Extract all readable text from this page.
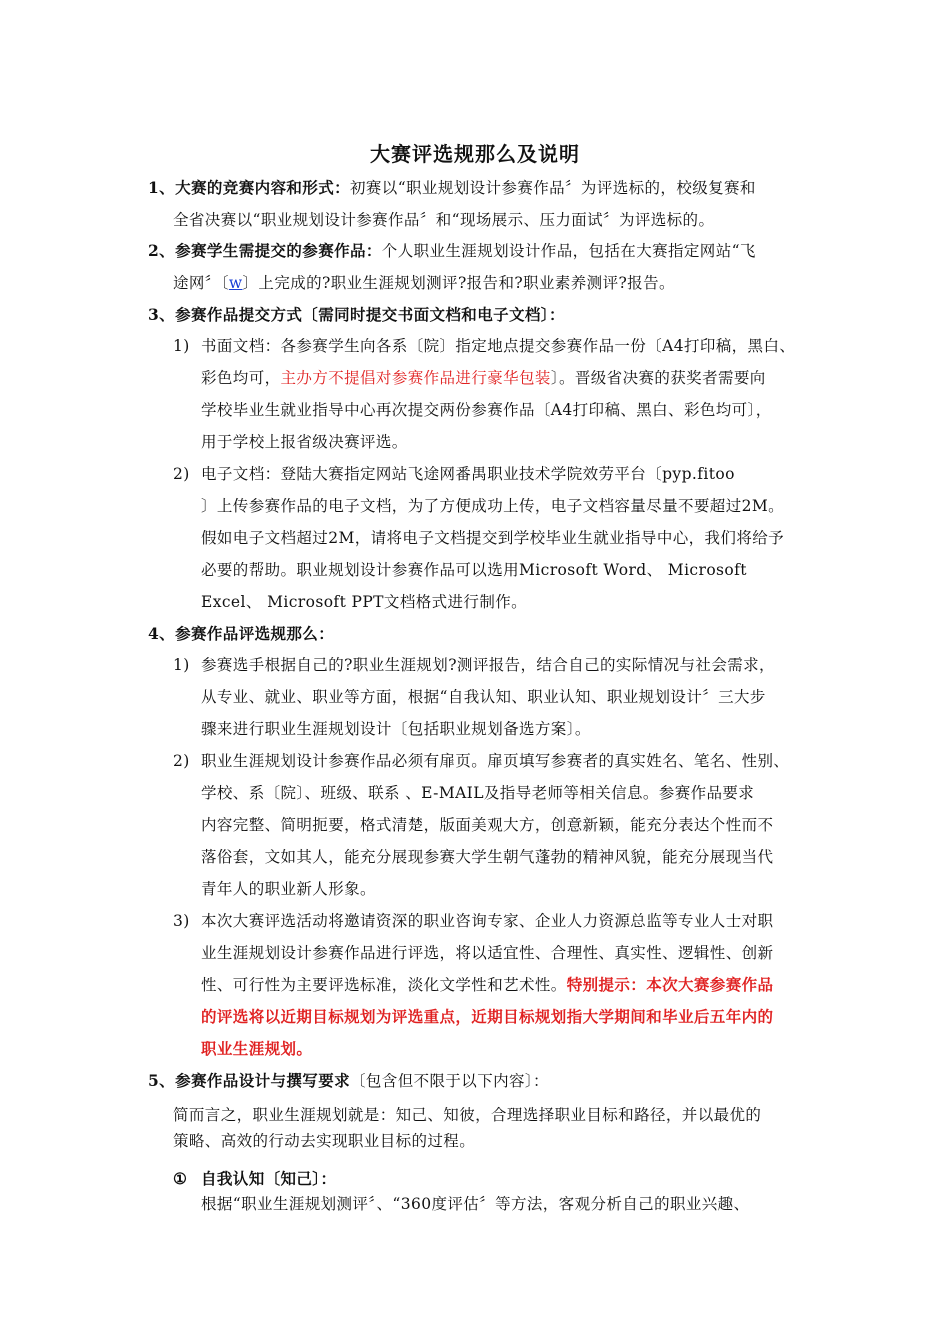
大赛评选规那么及说明
1、大赛的竞赛内容和形式：初赛以“职业规划设计参赛作品〞为评选标的，校级复赛和
全省决赛以“职业规划设计参赛作品〞和“现场展示、压力面试〞为评选标的。
2、参赛学生需提交的参赛作品：个人职业生涯规划设计作品，包括在大赛指定网站“飞
途网〞〔w〕上完成的?职业生涯规划测评?报告和?职业素养测评?报告。
3、参赛作品提交方式〔需同时提交书面文档和电子文档〕：
1) 书面文档：各参赛学生向各系〔院〕指定地点提交参赛作品一份〔A4打印稿，黑白、
彩色均可，主办方不提倡对参赛作品进行豪华包装〕。晋级省决赛的获奖者需要向
学校毕业生就业指导中心再次提交两份参赛作品〔A4打印稿、黑白、彩色均可〕，
用于学校上报省级决赛评选。
2) 电子文档：登陆大赛指定网站飞途网番禺职业技术学院效劳平台〔pyp.fitoo
〕上传参赛作品的电子文档，为了方便成功上传，电子文档容量尽量不要超过2M。
假如电子文档超过2M，请将电子文档提交到学校毕业生就业指导中心，我们将给予
必要的帮助。职业规划设计参赛作品可以选用Microsoft Word、 Microsoft
Excel、 Microsoft PPT文档格式进行制作。
4、参赛作品评选规那么：
1) 参赛选手根据自己的?职业生涯规划?测评报告，结合自己的实际情况与社会需求，
从专业、就业、职业等方面，根据“自我认知、职业认知、职业规划设计〞三大步
骤来进行职业生涯规划设计〔包括职业规划备选方案〕。
2) 职业生涯规划设计参赛作品必须有扉页。扉页填写参赛者的真实姓名、笔名、性别、
学校、系〔院〕、班级、联系 、E-MAIL及指导老师等相关信息。参赛作品要求
内容完整、简明扼要，格式清楚，版面美观大方，创意新颖，能充分表达个性而不
落俗套，文如其人，能充分展现参赛大学生朝气蓬勃的精神风貌，能充分展现当代
青年人的职业新人形象。
3) 本次大赛评选活动将邀请资深的职业咨询专家、企业人力资源总监等专业人士对职
业生涯规划设计参赛作品进行评选，将以适宜性、合理性、真实性、逻辑性、创新
性、可行性为主要评选标准，淡化文学性和艺术性。特别提示：本次大赛参赛作品
的评选将以近期目标规划为评选重点，近期目标规划指大学期间和毕业后五年内的
职业生涯规划。
5、参赛作品设计与撰写要求〔包含但不限于以下内容〕：
简而言之，职业生涯规划就是：知己、知彼，合理选择职业目标和路径，并以最优的
策略、高效的行动去实现职业目标的过程。
① 自我认知〔知己〕：
根据“职业生涯规划测评〞、“360度评估〞等方法，客观分析自己的职业兴趣、
